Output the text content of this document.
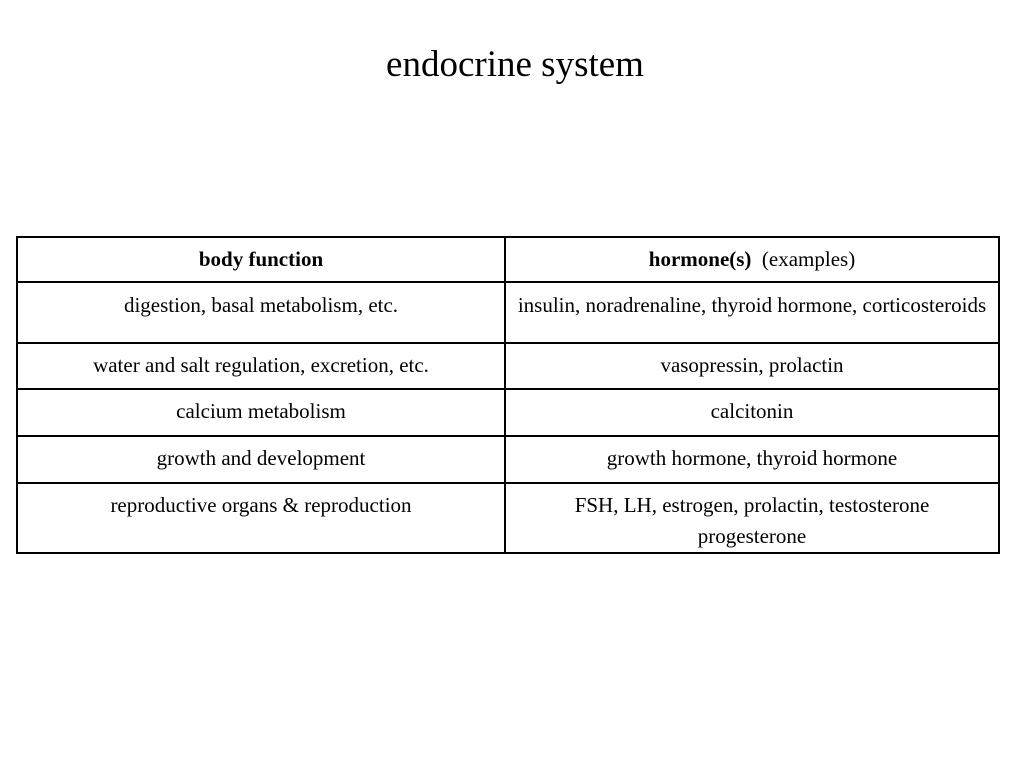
endocrine system
body function	hormone(s) (examples)
digestion, basal metabolism, etc.	insulin, noradrenaline, thyroid hormone, corticosteroids
water and salt regulation, excretion, etc.	vasopressin, prolactin
calcium metabolism	calcitonin
growth and development	growth hormone, thyroid hormone
reproductive organs & reproduction	FSH, LH, estrogen, prolactin, testosterone
progesterone
